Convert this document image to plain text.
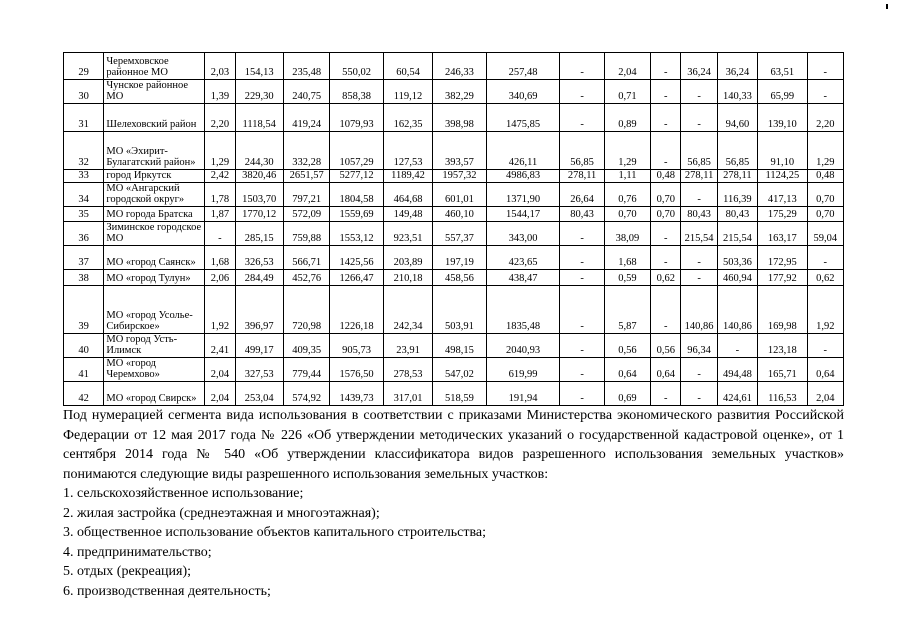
29	Черемховское районное МО	2,03	154,13	235,48	550,02	60,54	246,33	257,48	-	2,04	-	36,24	36,24	63,51	-
30	Чунское районное МО	1,39	229,30	240,75	858,38	119,12	382,29	340,69	-	0,71	-	-	140,33	65,99	-
31	Шелеховский район	2,20	1118,54	419,24	1079,93	162,35	398,98	1475,85	-	0,89	-	-	94,60	139,10	2,20
32	МО «Эхирит-Булагатский район»	1,29	244,30	332,28	1057,29	127,53	393,57	426,11	56,85	1,29	-	56,85	56,85	91,10	1,29
33	город Иркутск	2,42	3820,46	2651,57	5277,12	1189,42	1957,32	4986,83	278,11	1,11	0,48	278,11	278,11	1124,25	0,48
34	МО «Ангарский городской округ»	1,78	1503,70	797,21	1804,58	464,68	601,01	1371,90	26,64	0,76	0,70	-	116,39	417,13	0,70
35	МО города Братска	1,87	1770,12	572,09	1559,69	149,48	460,10	1544,17	80,43	0,70	0,70	80,43	80,43	175,29	0,70
36	Зиминское городское МО	-	285,15	759,88	1553,12	923,51	557,37	343,00	-	38,09	-	215,54	215,54	163,17	59,04
37	МО «город Саянск»	1,68	326,53	566,71	1425,56	203,89	197,19	423,65	-	1,68	-	-	503,36	172,95	-
38	МО «город Тулун»	2,06	284,49	452,76	1266,47	210,18	458,56	438,47	-	0,59	0,62	-	460,94	177,92	0,62
39	МО «город Усолье-Сибирское»	1,92	396,97	720,98	1226,18	242,34	503,91	1835,48	-	5,87	-	140,86	140,86	169,98	1,92
40	МО город Усть-Илимск	2,41	499,17	409,35	905,73	23,91	498,15	2040,93	-	0,56	0,56	96,34	-	123,18	-
41	МО «город Черемхово»	2,04	327,53	779,44	1576,50	278,53	547,02	619,99	-	0,64	0,64	-	494,48	165,71	0,64
42	МО «город Свирск»	2,04	253,04	574,92	1439,73	317,01	518,59	191,94	-	0,69	-	-	424,61	116,53	2,04

Под нумерацией сегмента вида использования в соответствии с приказами Министерства экономического развития Российской Федерации от 12 мая 2017 года № 226 «Об утверждении методических указаний о государственной кадастровой оценке», от 1 сентября 2014 года № 540 «Об утверждении классификатора видов разрешенного использования земельных участков» понимаются следующие виды разрешенного использования земельных участков:

1. сельскохозяйственное использование;
2. жилая застройка (среднеэтажная и многоэтажная);
3. общественное использование объектов капитального строительства;
4. предпринимательство;
5. отдых (рекреация);
6. производственная деятельность;
